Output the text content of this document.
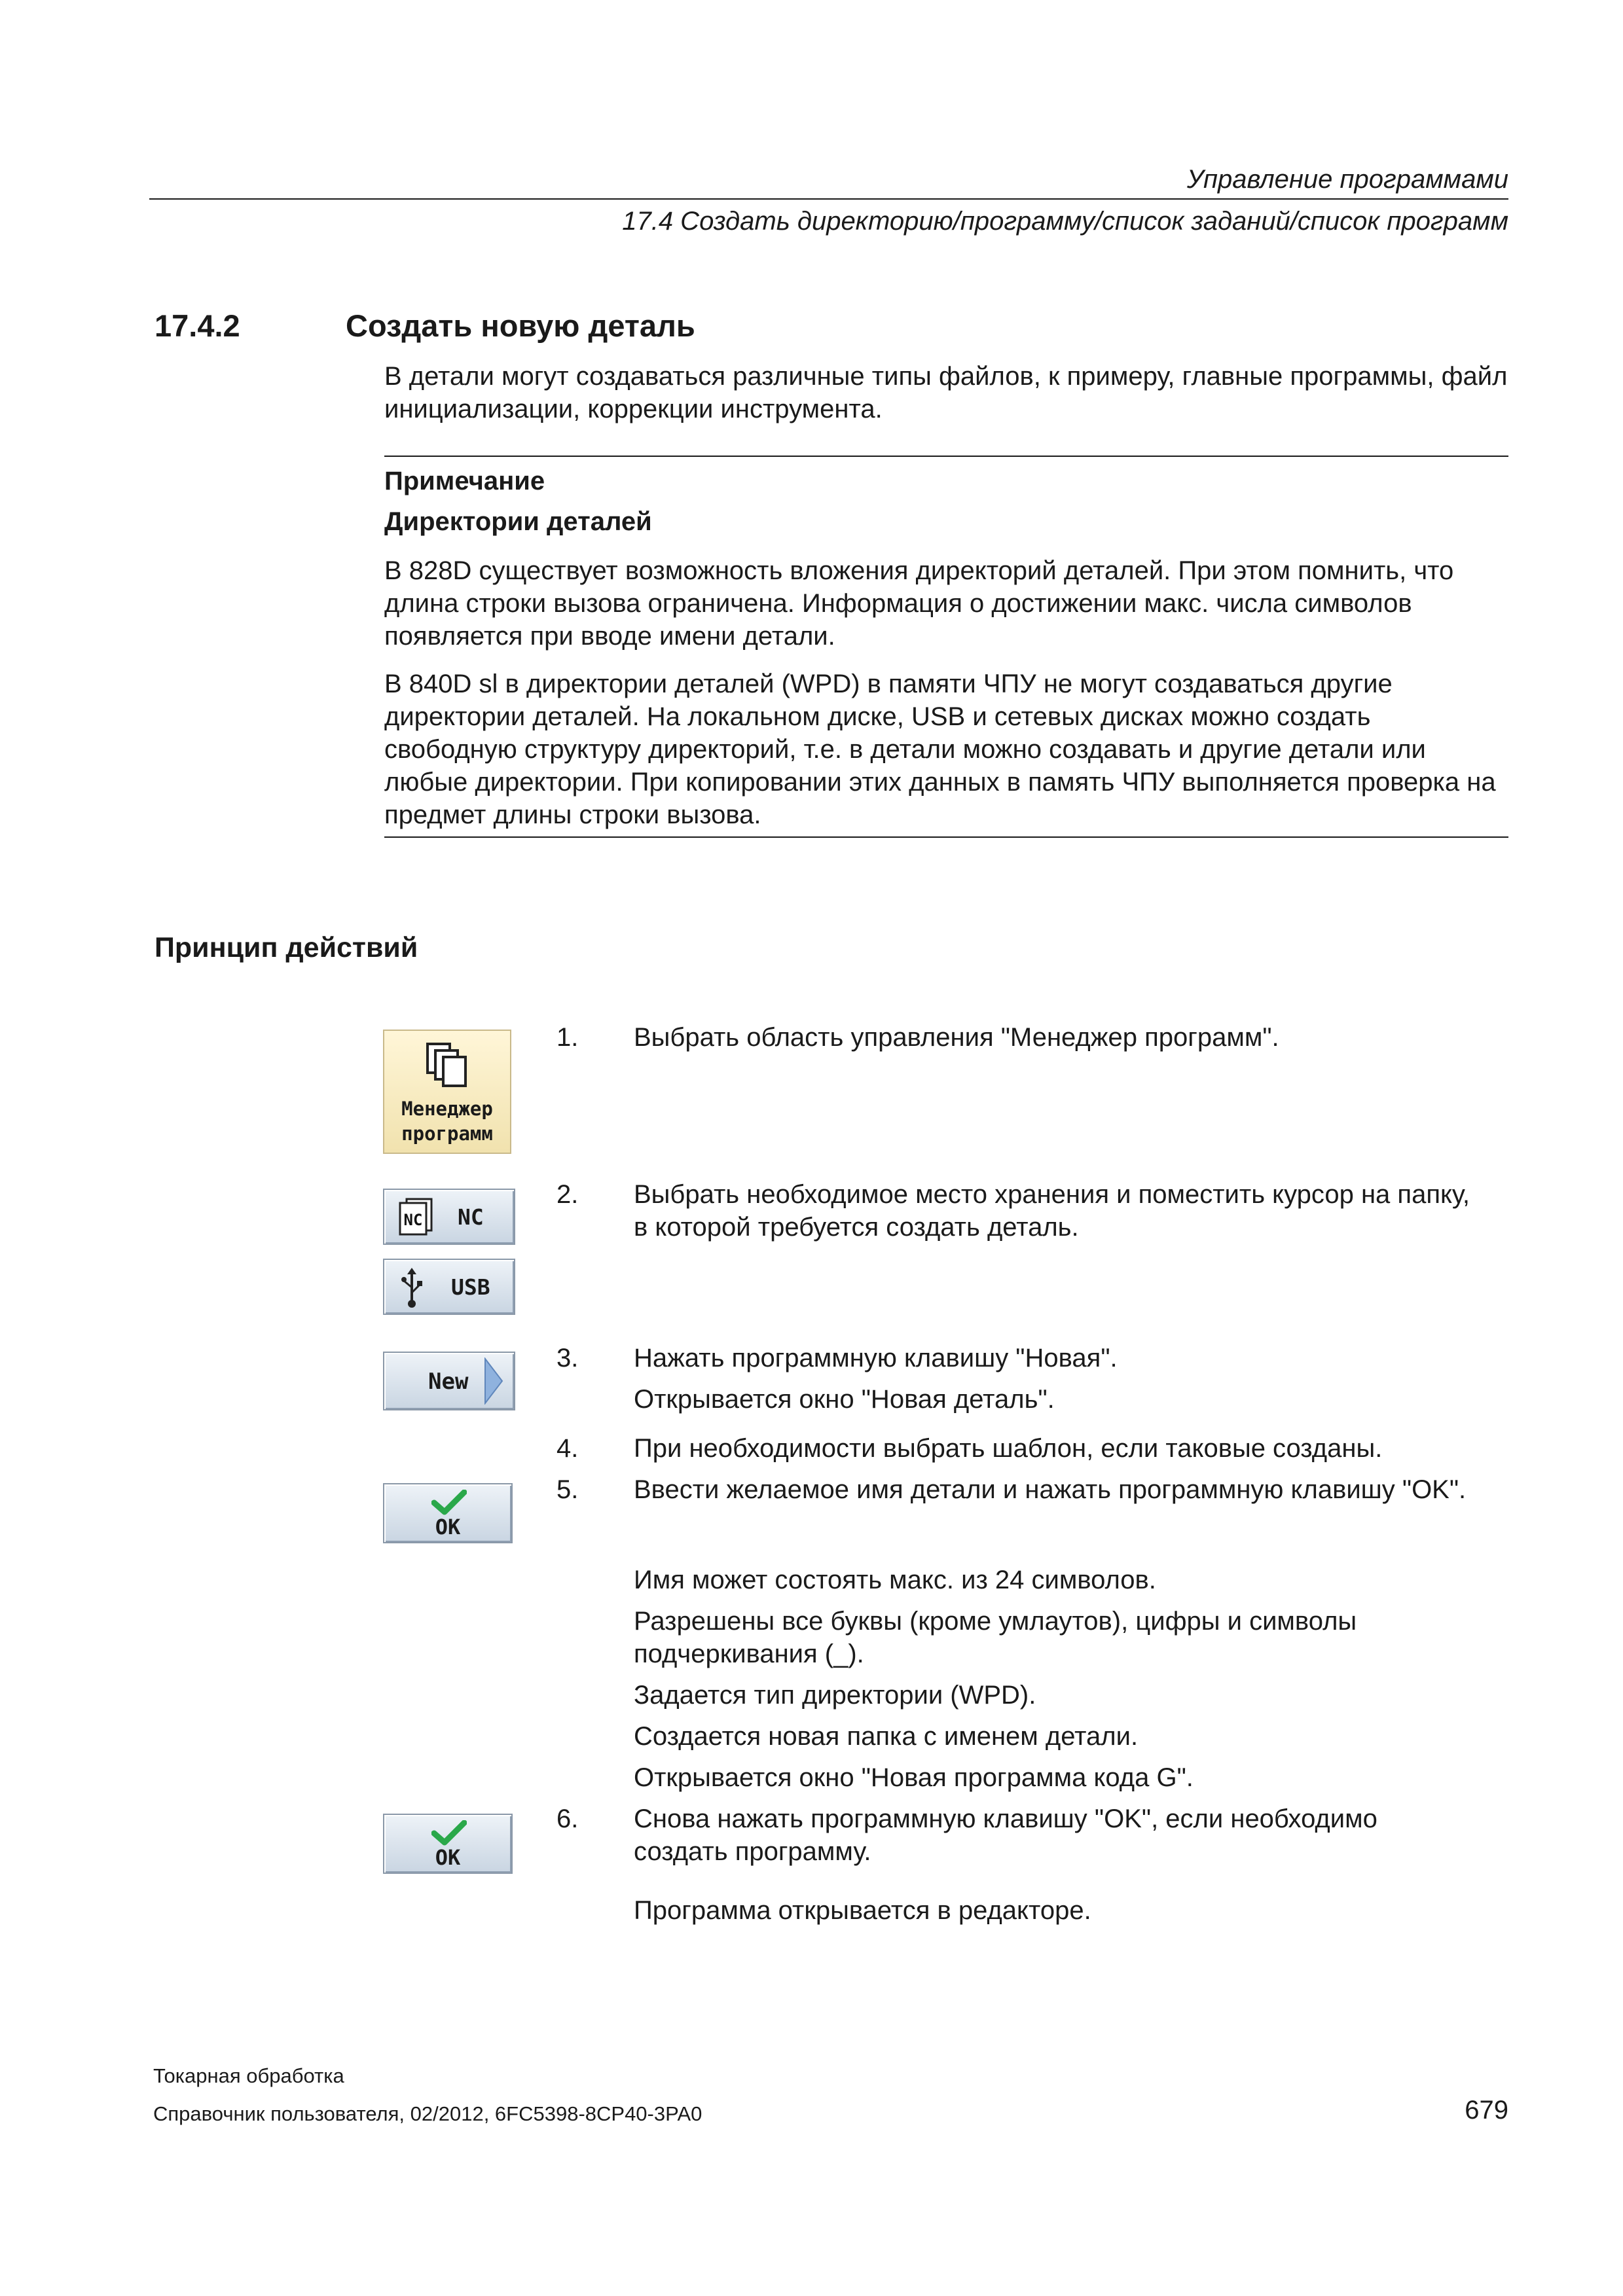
Управление программами
17.4 Создать директорию/программу/список заданий/список программ
17.4.2	Создать новую деталь
В детали могут создаваться различные типы файлов, к примеру, главные программы, файл инициализации, коррекции инструмента.
Примечание
Директории деталей
В 828D существует возможность вложения директорий деталей. При этом помнить, что длина строки вызова ограничена. Информация о достижении макс. числа символов появляется при вводе имени детали.
В 840D sl в директории деталей (WPD) в памяти ЧПУ не могут создаваться другие директории деталей. На локальном диске, USB и сетевых дисках можно создать свободную структуру директорий, т.е. в детали можно создавать и другие детали или любые директории. При копировании этих данных в память ЧПУ выполняется проверка на предмет длины строки вызова.
Принцип действий
Менеджер
программ
NC NC
USB
New
OK
OK
1. Выбрать область управления "Менеджер программ".
2. Выбрать необходимое место хранения и поместить курсор на папку, в которой требуется создать деталь.
3. Нажать программную клавишу "Новая".
Открывается окно "Новая деталь".
4. При необходимости выбрать шаблон, если таковые созданы.
5. Ввести желаемое имя детали и нажать программную клавишу "OK".
Имя может состоять макс. из 24 символов.
Разрешены все буквы (кроме умлаутов), цифры и символы подчеркивания (_).
Задается тип директории (WPD).
Создается новая папка с именем детали.
Открывается окно "Новая программа кода G".
6. Снова нажать программную клавишу "OK", если необходимо создать программу.
Программа открывается в редакторе.
Токарная обработка
Справочник пользователя, 02/2012, 6FC5398-8CP40-3PA0	679
